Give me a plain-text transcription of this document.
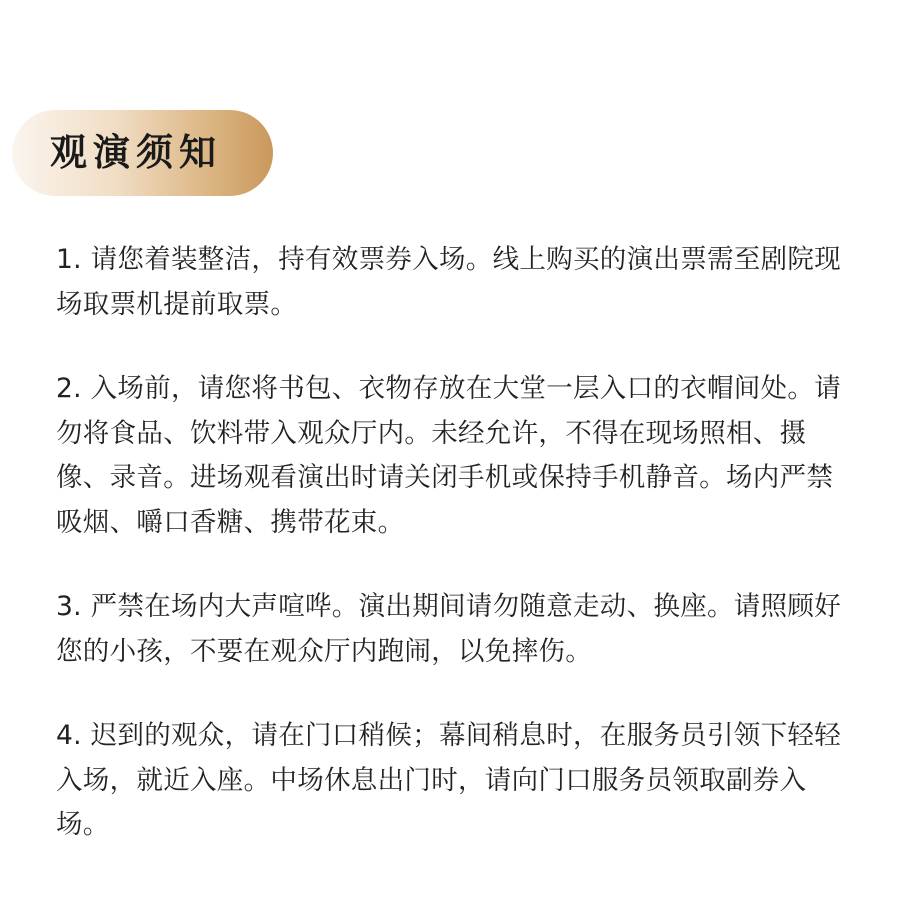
观演须知

1. 请您着装整洁，持有效票券入场。线上购买的演出票需至剧院现场取票机提前取票。

2. 入场前，请您将书包、衣物存放在大堂一层入口的衣帽间处。请勿将食品、饮料带入观众厅内。未经允许，不得在现场照相、摄像、录音。进场观看演出时请关闭手机或保持手机静音。场内严禁吸烟、嚼口香糖、携带花束。

3. 严禁在场内大声喧哗。演出期间请勿随意走动、换座。请照顾好您的小孩，不要在观众厅内跑闹，以免摔伤。

4. 迟到的观众，请在门口稍候；幕间稍息时，在服务员引领下轻轻入场，就近入座。中场休息出门时，请向门口服务员领取副券入场。
